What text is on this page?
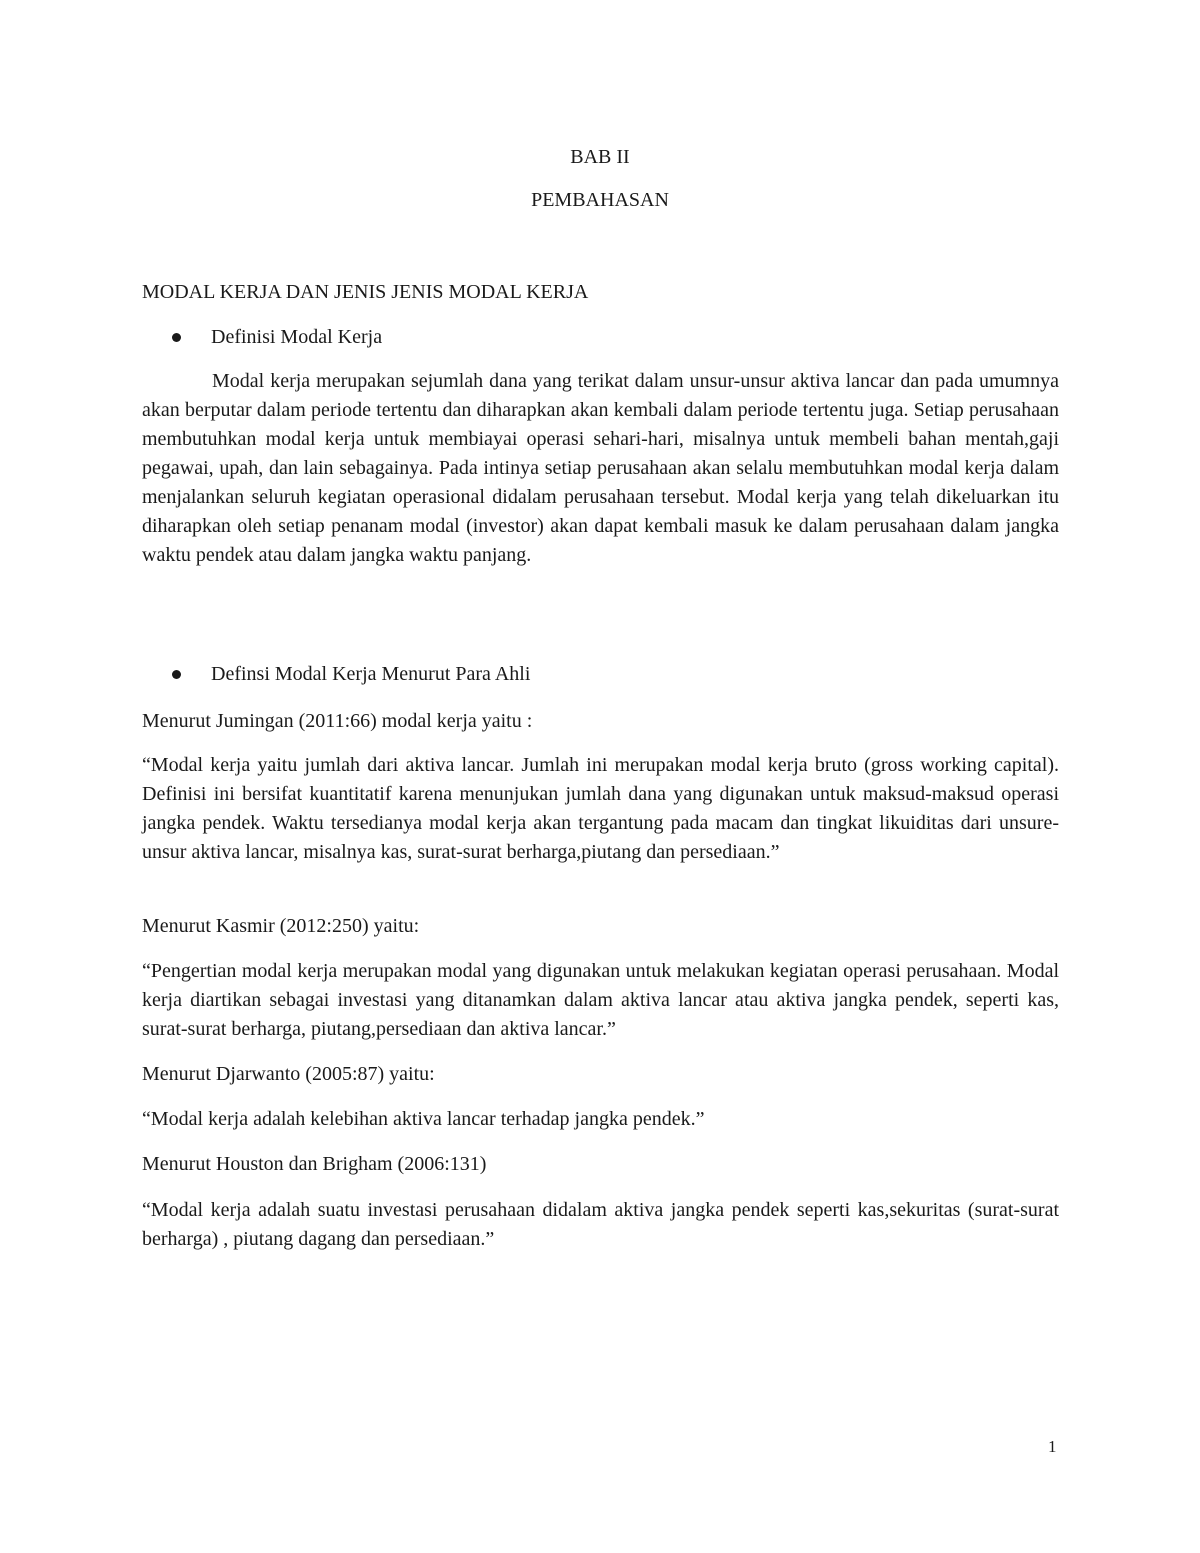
BAB II
PEMBAHASAN
MODAL KERJA DAN JENIS JENIS MODAL KERJA
Definisi Modal Kerja

Modal kerja merupakan sejumlah dana yang terikat dalam unsur-unsur aktiva lancar dan pada umumnya akan berputar dalam periode tertentu dan diharapkan akan kembali dalam periode tertentu juga. Setiap perusahaan membutuhkan modal kerja untuk membiayai operasi sehari-hari, misalnya untuk membeli bahan mentah,gaji pegawai, upah, dan lain sebagainya. Pada intinya setiap perusahaan akan selalu membutuhkan modal kerja dalam menjalankan seluruh kegiatan operasional didalam perusahaan tersebut. Modal kerja yang telah dikeluarkan itu diharapkan oleh setiap penanam modal (investor) akan dapat kembali masuk ke dalam perusahaan dalam jangka waktu pendek atau dalam jangka waktu panjang.

Definsi Modal Kerja Menurut Para Ahli
Menurut Jumingan (2011:66) modal kerja yaitu :

“Modal kerja yaitu jumlah dari aktiva lancar. Jumlah ini merupakan modal kerja bruto (gross working capital). Definisi ini bersifat kuantitatif karena menunjukan jumlah dana yang digunakan untuk maksud-maksud operasi jangka pendek. Waktu tersedianya modal kerja akan tergantung pada macam dan tingkat likuiditas dari unsure-unsur aktiva lancar, misalnya kas, surat-surat berharga,piutang dan persediaan.”

Menurut Kasmir (2012:250) yaitu:

“Pengertian modal kerja merupakan modal yang digunakan untuk melakukan kegiatan operasi perusahaan. Modal kerja diartikan sebagai investasi yang ditanamkan dalam aktiva lancar atau aktiva jangka pendek, seperti kas, surat-surat berharga, piutang,persediaan dan aktiva lancar.”

Menurut Djarwanto (2005:87) yaitu:
“Modal kerja adalah kelebihan aktiva lancar terhadap jangka pendek.”
Menurut Houston dan Brigham (2006:131)

“Modal kerja adalah suatu investasi perusahaan didalam aktiva jangka pendek seperti kas,sekuritas (surat-surat berharga) , piutang dagang dan persediaan.”

1
